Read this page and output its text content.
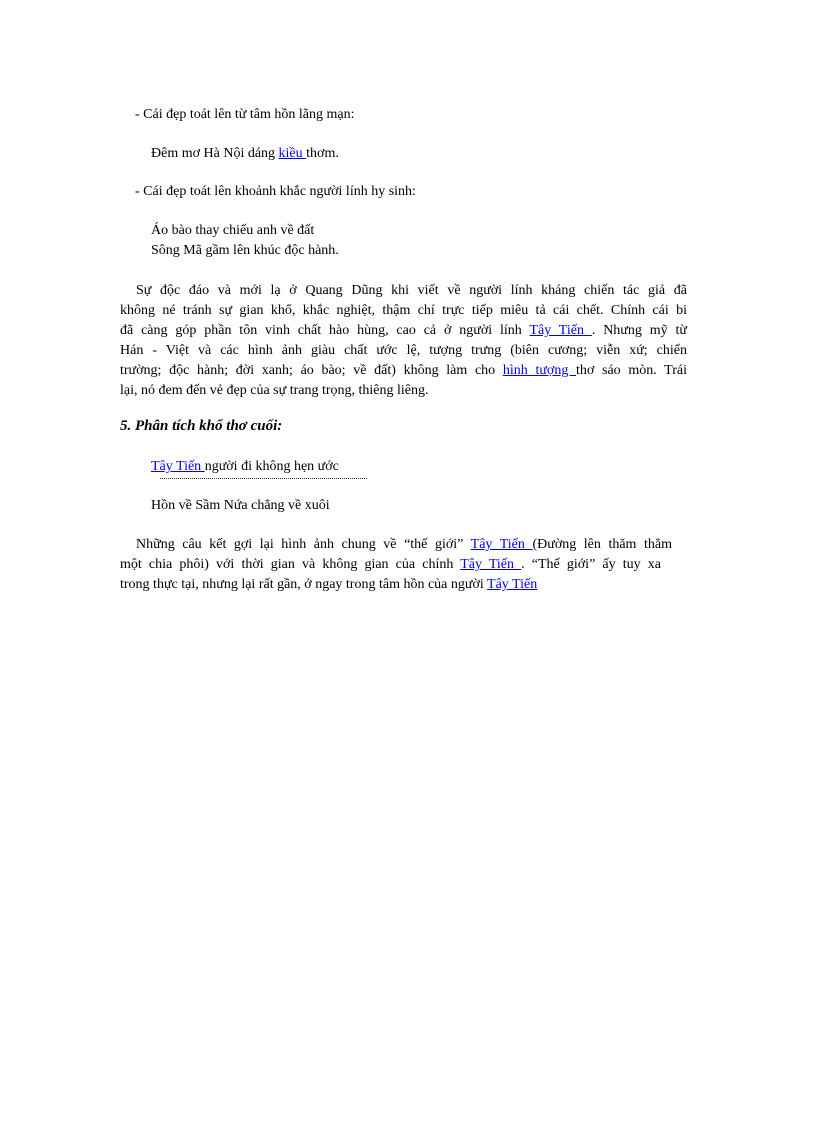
- Cái đẹp toát lên từ tâm hồn lãng mạn:
Đêm mơ Hà Nội dáng kiều thơm.
- Cái đẹp toát lên khoảnh khắc người lính hy sinh:
Áo bào thay chiếu anh về đất
Sông Mã gầm lên khúc độc hành.
Sự độc đáo và mới lạ ở Quang Dũng khi viết về người lính kháng chiến tác giả đã
không né tránh sự gian khổ, khắc nghiệt, thậm chí trực tiếp miêu tả cái chết. Chính cái bi
đã càng góp phần tôn vinh chất hào hùng, cao cả ở người lính Tây Tiến . Nhưng mỹ từ
Hán - Việt và các hình ảnh giàu chất ước lệ, tượng trưng (biên cương; viễn xứ; chiến
trường; độc hành; đời xanh; áo bào; về đất) không làm cho hình tượng thơ sáo mòn. Trái
lại, nó đem đến vẻ đẹp của sự trang trọng, thiêng liêng.
5. Phân tích khổ thơ cuối:
Tây Tiến người đi không hẹn ước
Hồn về Sầm Nứa chẳng về xuôi
Những câu kết gợi lại hình ảnh chung về “thế giới” Tây Tiến (Đường lên thăm thẳm
một chia phôi) với thời gian và không gian của chính Tây Tiến . “Thế giới” ấy tuy xa
trong thực tại, nhưng lại rất gần, ở ngay trong tâm hồn của người Tây Tiến
